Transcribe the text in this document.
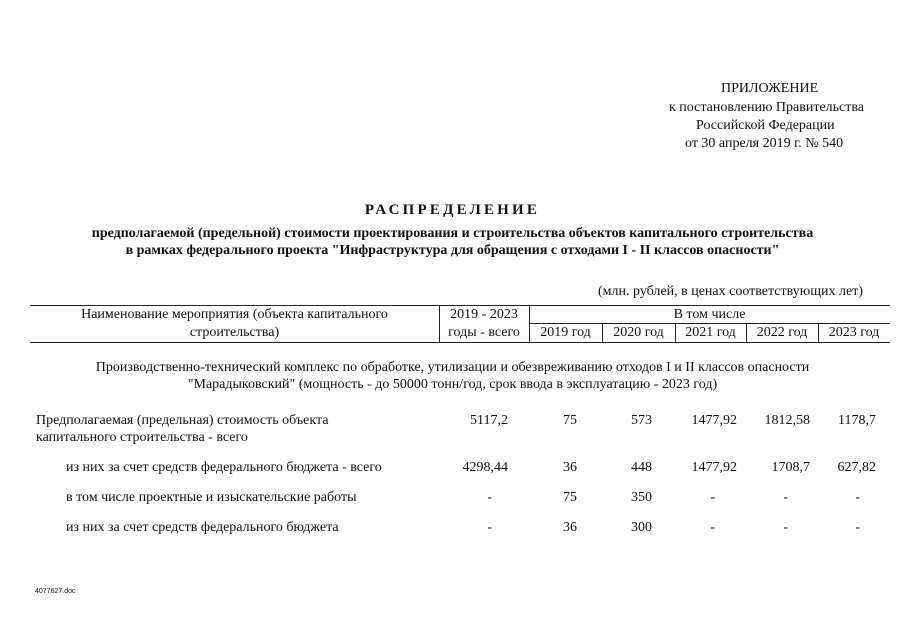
ПРИЛОЖЕНИЕ
к постановлению Правительства
Российской Федерации
от 30 апреля 2019 г. № 540
РАСПРЕДЕЛЕНИЕ
предполагаемой (предельной) стоимости проектирования и строительства объектов капитального строительства
в рамках федерального проекта "Инфраструктура для обращения с отходами I - II классов опасности"
(млн. рублей, в ценах соответствующих лет)
Наименование мероприятия (объекта капитального
строительства)
2019 - 2023
годы - всего
В том числе
2019 год	2020 год	2021 год	2022 год	2023 год
Производственно-технический комплекс по обработке, утилизации и обезвреживанию отходов I и II классов опасности
"Марадыковский" (мощность - до 50000 тонн/год, срок ввода в эксплуатацию - 2023 год)
Предполагаемая (предельная) стоимость объекта
капитального строительства - всего
5117,2	75	573	1477,92	1812,58	1178,7
из них за счет средств федерального бюджета - всего	4298,44	36	448	1477,92	1708,7	627,82
в том числе проектные и изыскательские работы	-	75	350	-	-	-
из них за счет средств федерального бюджета	-	36	300	-	-	-
4077627.doc
